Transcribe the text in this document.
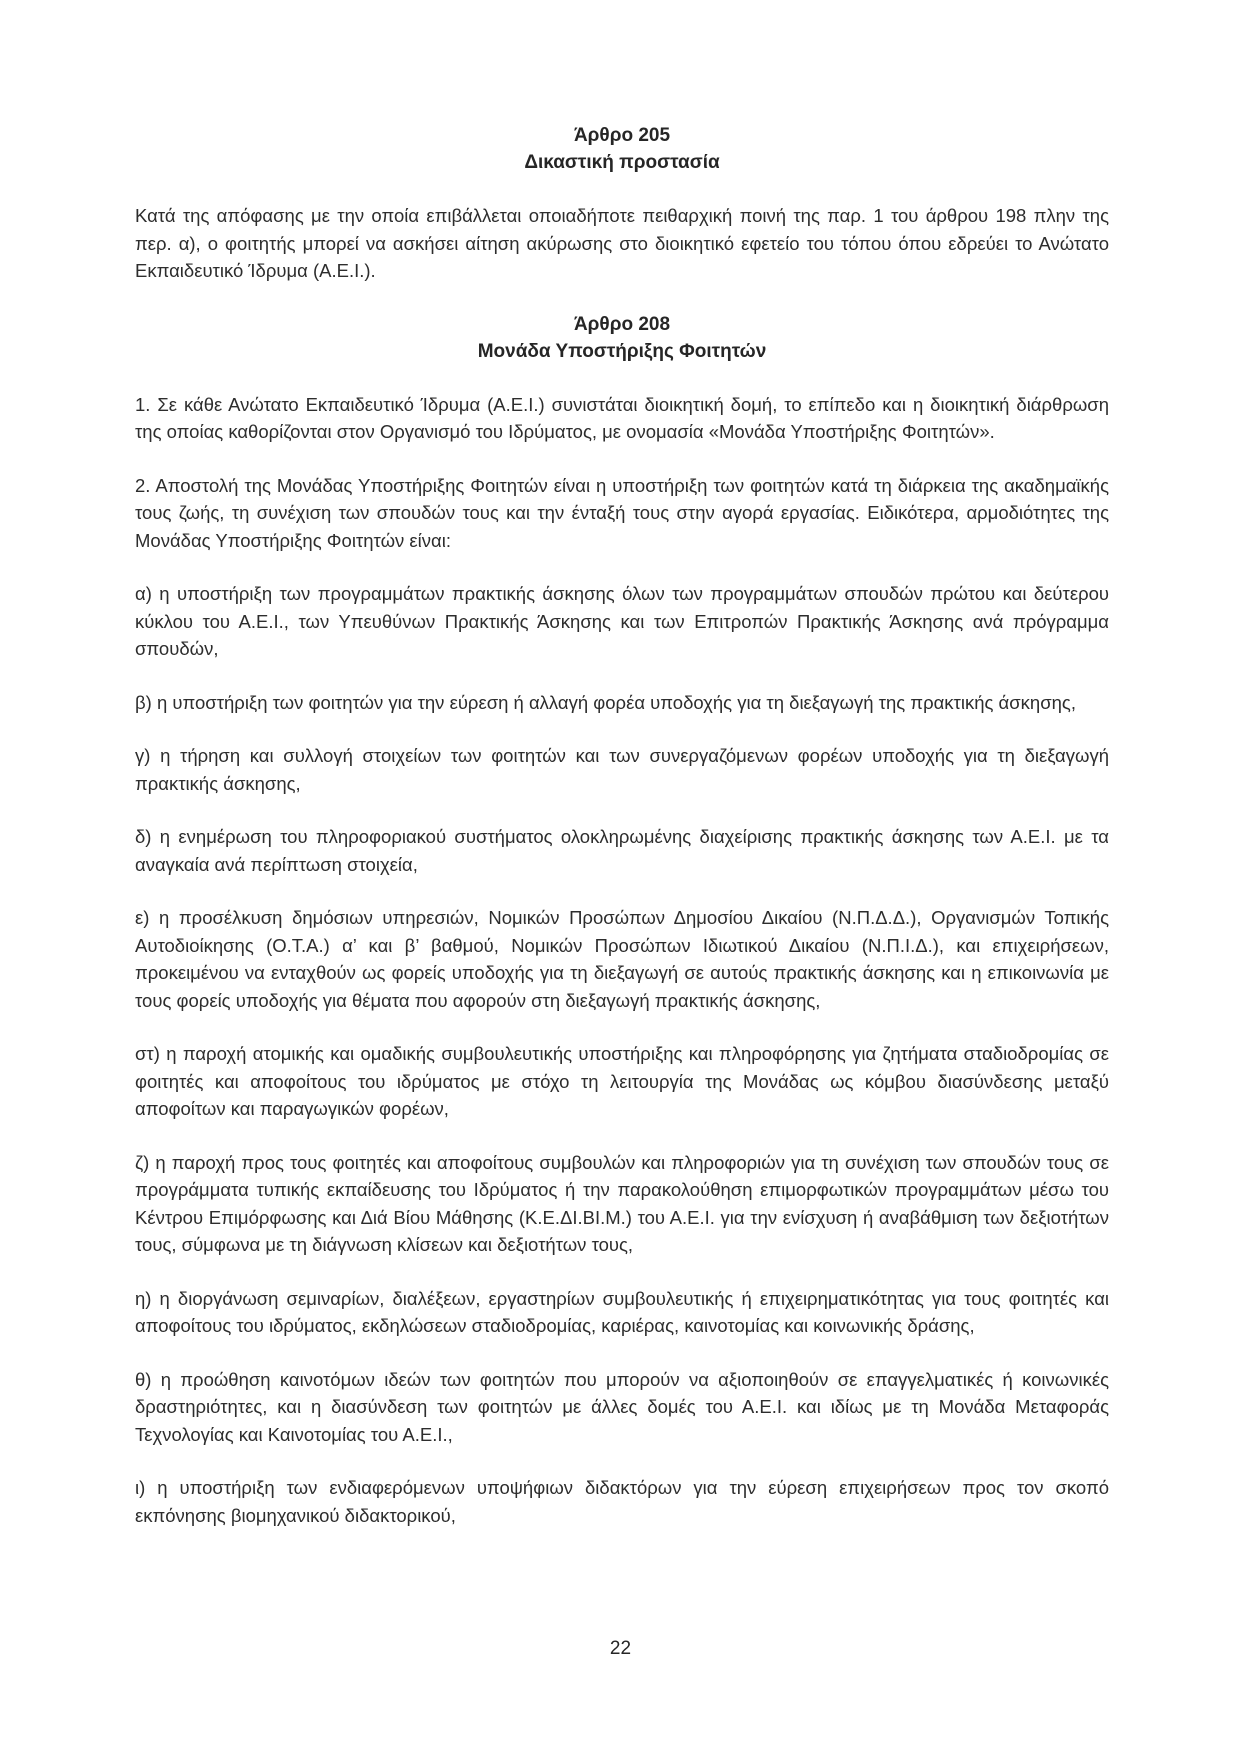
Άρθρο 205
Δικαστική προστασία

Κατά της απόφασης με την οποία επιβάλλεται οποιαδήποτε πειθαρχική ποινή της παρ. 1 του άρθρου 198 πλην της περ. α), ο φοιτητής μπορεί να ασκήσει αίτηση ακύρωσης στο διοικητικό εφετείο του τόπου όπου εδρεύει το Ανώτατο Εκπαιδευτικό Ίδρυμα (Α.Ε.Ι.).

Άρθρο 208
Μονάδα Υποστήριξης Φοιτητών

1. Σε κάθε Ανώτατο Εκπαιδευτικό Ίδρυμα (Α.Ε.Ι.) συνιστάται διοικητική δομή, το επίπεδο και η διοικητική διάρθρωση της οποίας καθορίζονται στον Οργανισμό του Ιδρύματος, με ονομασία «Μονάδα Υποστήριξης Φοιτητών».

2. Αποστολή της Μονάδας Υποστήριξης Φοιτητών είναι η υποστήριξη των φοιτητών κατά τη διάρκεια της ακαδημαϊκής τους ζωής, τη συνέχιση των σπουδών τους και την ένταξή τους στην αγορά εργασίας. Ειδικότερα, αρμοδιότητες της Μονάδας Υποστήριξης Φοιτητών είναι:

α) η υποστήριξη των προγραμμάτων πρακτικής άσκησης όλων των προγραμμάτων σπουδών πρώτου και δεύτερου κύκλου του Α.Ε.Ι., των Υπευθύνων Πρακτικής Άσκησης και των Επιτροπών Πρακτικής Άσκησης ανά πρόγραμμα σπουδών,

β) η υποστήριξη των φοιτητών για την εύρεση ή αλλαγή φορέα υποδοχής για τη διεξαγωγή της πρακτικής άσκησης,

γ) η τήρηση και συλλογή στοιχείων των φοιτητών και των συνεργαζόμενων φορέων υποδοχής για τη διεξαγωγή πρακτικής άσκησης,

δ) η ενημέρωση του πληροφοριακού συστήματος ολοκληρωμένης διαχείρισης πρακτικής άσκησης των Α.Ε.Ι. με τα αναγκαία ανά περίπτωση στοιχεία,

ε) η προσέλκυση δημόσιων υπηρεσιών, Νομικών Προσώπων Δημοσίου Δικαίου (Ν.Π.Δ.Δ.), Οργανισμών Τοπικής Αυτοδιοίκησης (Ο.Τ.Α.) α’ και β’ βαθμού, Νομικών Προσώπων Ιδιωτικού Δικαίου (Ν.Π.Ι.Δ.), και επιχειρήσεων, προκειμένου να ενταχθούν ως φορείς υποδοχής για τη διεξαγωγή σε αυτούς πρακτικής άσκησης και η επικοινωνία με τους φορείς υποδοχής για θέματα που αφορούν στη διεξαγωγή πρακτικής άσκησης,

στ) η παροχή ατομικής και ομαδικής συμβουλευτικής υποστήριξης και πληροφόρησης για ζητήματα σταδιοδρομίας σε φοιτητές και αποφοίτους του ιδρύματος με στόχο τη λειτουργία της Μονάδας ως κόμβου διασύνδεσης μεταξύ αποφοίτων και παραγωγικών φορέων,

ζ) η παροχή προς τους φοιτητές και αποφοίτους συμβουλών και πληροφοριών για τη συνέχιση των σπουδών τους σε προγράμματα τυπικής εκπαίδευσης του Ιδρύματος ή την παρακολούθηση επιμορφωτικών προγραμμάτων μέσω του Κέντρου Επιμόρφωσης και Διά Βίου Μάθησης (Κ.Ε.ΔΙ.ΒΙ.Μ.) του Α.Ε.Ι. για την ενίσχυση ή αναβάθμιση των δεξιοτήτων τους, σύμφωνα με τη διάγνωση κλίσεων και δεξιοτήτων τους,

η) η διοργάνωση σεμιναρίων, διαλέξεων, εργαστηρίων συμβουλευτικής ή επιχειρηματικότητας για τους φοιτητές και αποφοίτους του ιδρύματος, εκδηλώσεων σταδιοδρομίας, καριέρας, καινοτομίας και κοινωνικής δράσης,

θ) η προώθηση καινοτόμων ιδεών των φοιτητών που μπορούν να αξιοποιηθούν σε επαγγελματικές ή κοινωνικές δραστηριότητες, και η διασύνδεση των φοιτητών με άλλες δομές του Α.Ε.Ι. και ιδίως με τη Μονάδα Μεταφοράς Τεχνολογίας και Καινοτομίας του Α.Ε.Ι.,

ι) η υποστήριξη των ενδιαφερόμενων υποψήφιων διδακτόρων για την εύρεση επιχειρήσεων προς τον σκοπό εκπόνησης βιομηχανικού διδακτορικού,

22
